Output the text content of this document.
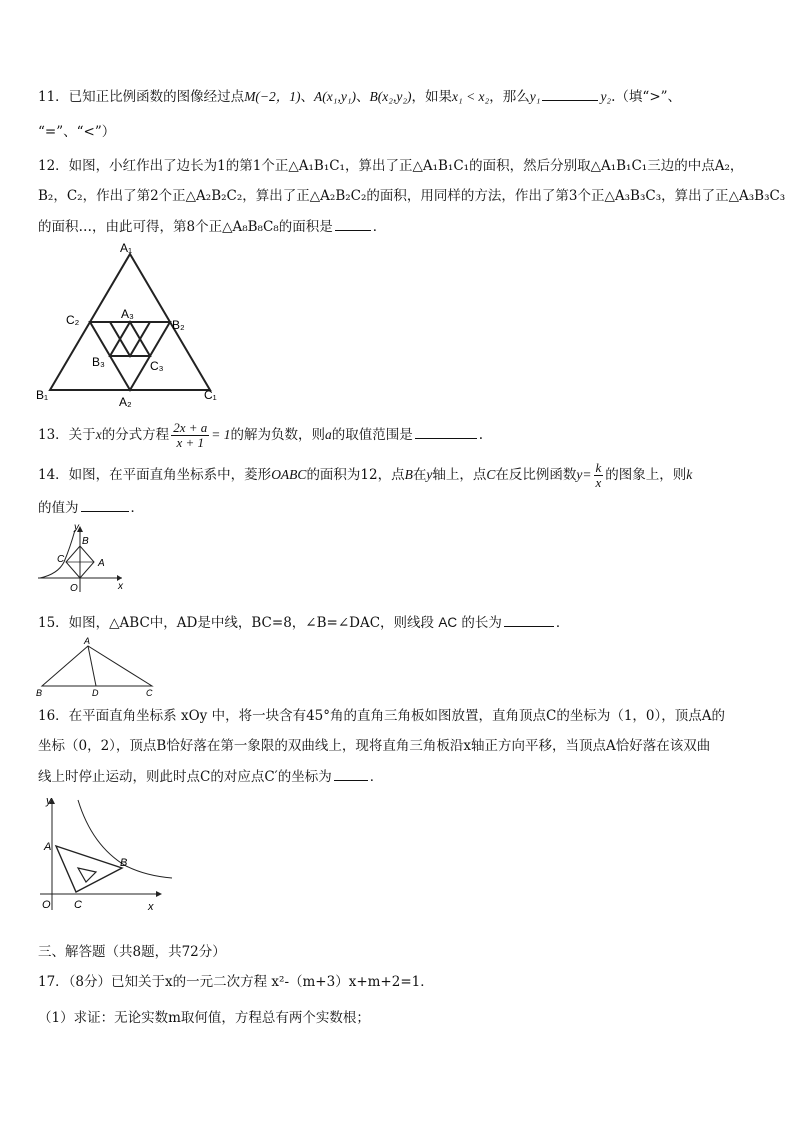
11．已知正比例函数的图像经过点M(−2，1)、A(x₁,y₁)、B(x₂,y₂)，如果x₁ < x₂，那么y₁	y₂.（填“>”、
“=”、“<”）
12．如图，小红作出了边长为1的第1个正△A₁B₁C₁，算出了正△A₁B₁C₁的面积，然后分别取△A₁B₁C₁三边的中点A₂，
B₂，C₂，作出了第2个正△A₂B₂C₂，算出了正△A₂B₂C₂的面积，用同样的方法，作出了第3个正△A₃B₃C₃，算出了正△A₃B₃C₃
的面积…，由此可得，第8个正△A₈B₈C₈的面积是	．
A₁
B₁	C₁
A₂
B₂
C₂	A₃
B₃	C₃
13．关于x的分式方程 $\frac{2x + a}{x + 1} = 1$的解为负数，则a的取值范围是	.
14．如图，在平面直角坐标系中，菱形OABC的面积为12，点B在y轴上，点C在反比例函数$y= \frac{k}{x}$ 的图象上，则k
的值为	．
y
B
C	A
O	x
15．如图，△ABC中，AD是中线，BC=8，∠B=∠DAC，则线段 AC 的长为	．
A
B	D	C
16．在平面直角坐标系 xOy 中，将一块含有45°角的直角三角板如图放置，直角顶点C的坐标为（1，0），顶点A的
坐标（0，2），顶点B恰好落在第一象限的双曲线上，现将直角三角板沿x轴正方向平移，当顶点A恰好落在该双曲
线上时停止运动，则此时点C的对应点C′的坐标为	．
y
A
B
O C	x
三、解答题（共8题，共72分）
17．（8分）已知关于x的一元二次方程 x²-（m+3）x+m+2=1．
（1）求证：无论实数m取何值，方程总有两个实数根；
